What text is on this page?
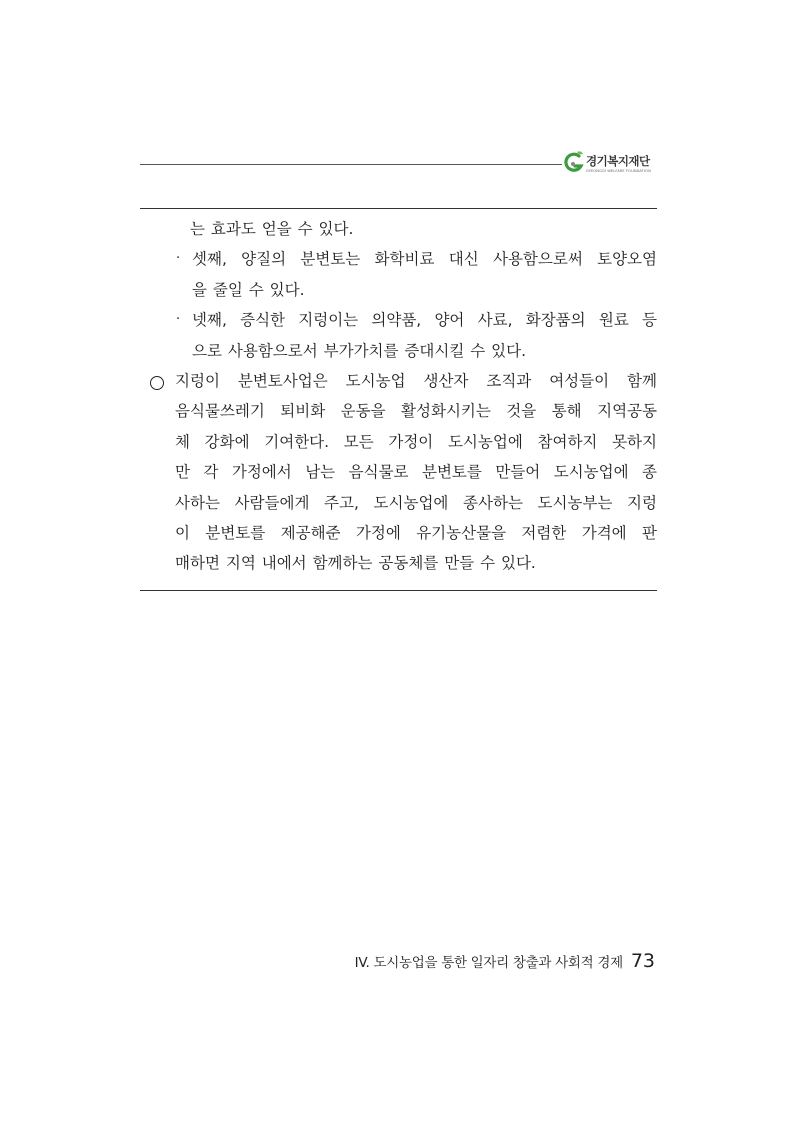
경기복지재단
GYEONGGI WELFARE FOUNDATION
는 효과도 얻을 수 있다.
· 셋째, 양질의 분변토는 화학비료 대신 사용함으로써 토양오염
을 줄일 수 있다.
· 넷째, 증식한 지렁이는 의약품, 양어 사료, 화장품의 원료 등
으로 사용함으로서 부가가치를 증대시킬 수 있다.
지렁이 분변토사업은 도시농업 생산자 조직과 여성들이 함께
음식물쓰레기 퇴비화 운동을 활성화시키는 것을 통해 지역공동
체 강화에 기여한다. 모든 가정이 도시농업에 참여하지 못하지
만 각 가정에서 남는 음식물로 분변토를 만들어 도시농업에 종
사하는 사람들에게 주고, 도시농업에 종사하는 도시농부는 지렁
이 분변토를 제공해준 가정에 유기농산물을 저렴한 가격에 판
매하면 지역 내에서 함께하는 공동체를 만들 수 있다.
IV. 도시농업을 통한 일자리 창출과 사회적 경제 73
